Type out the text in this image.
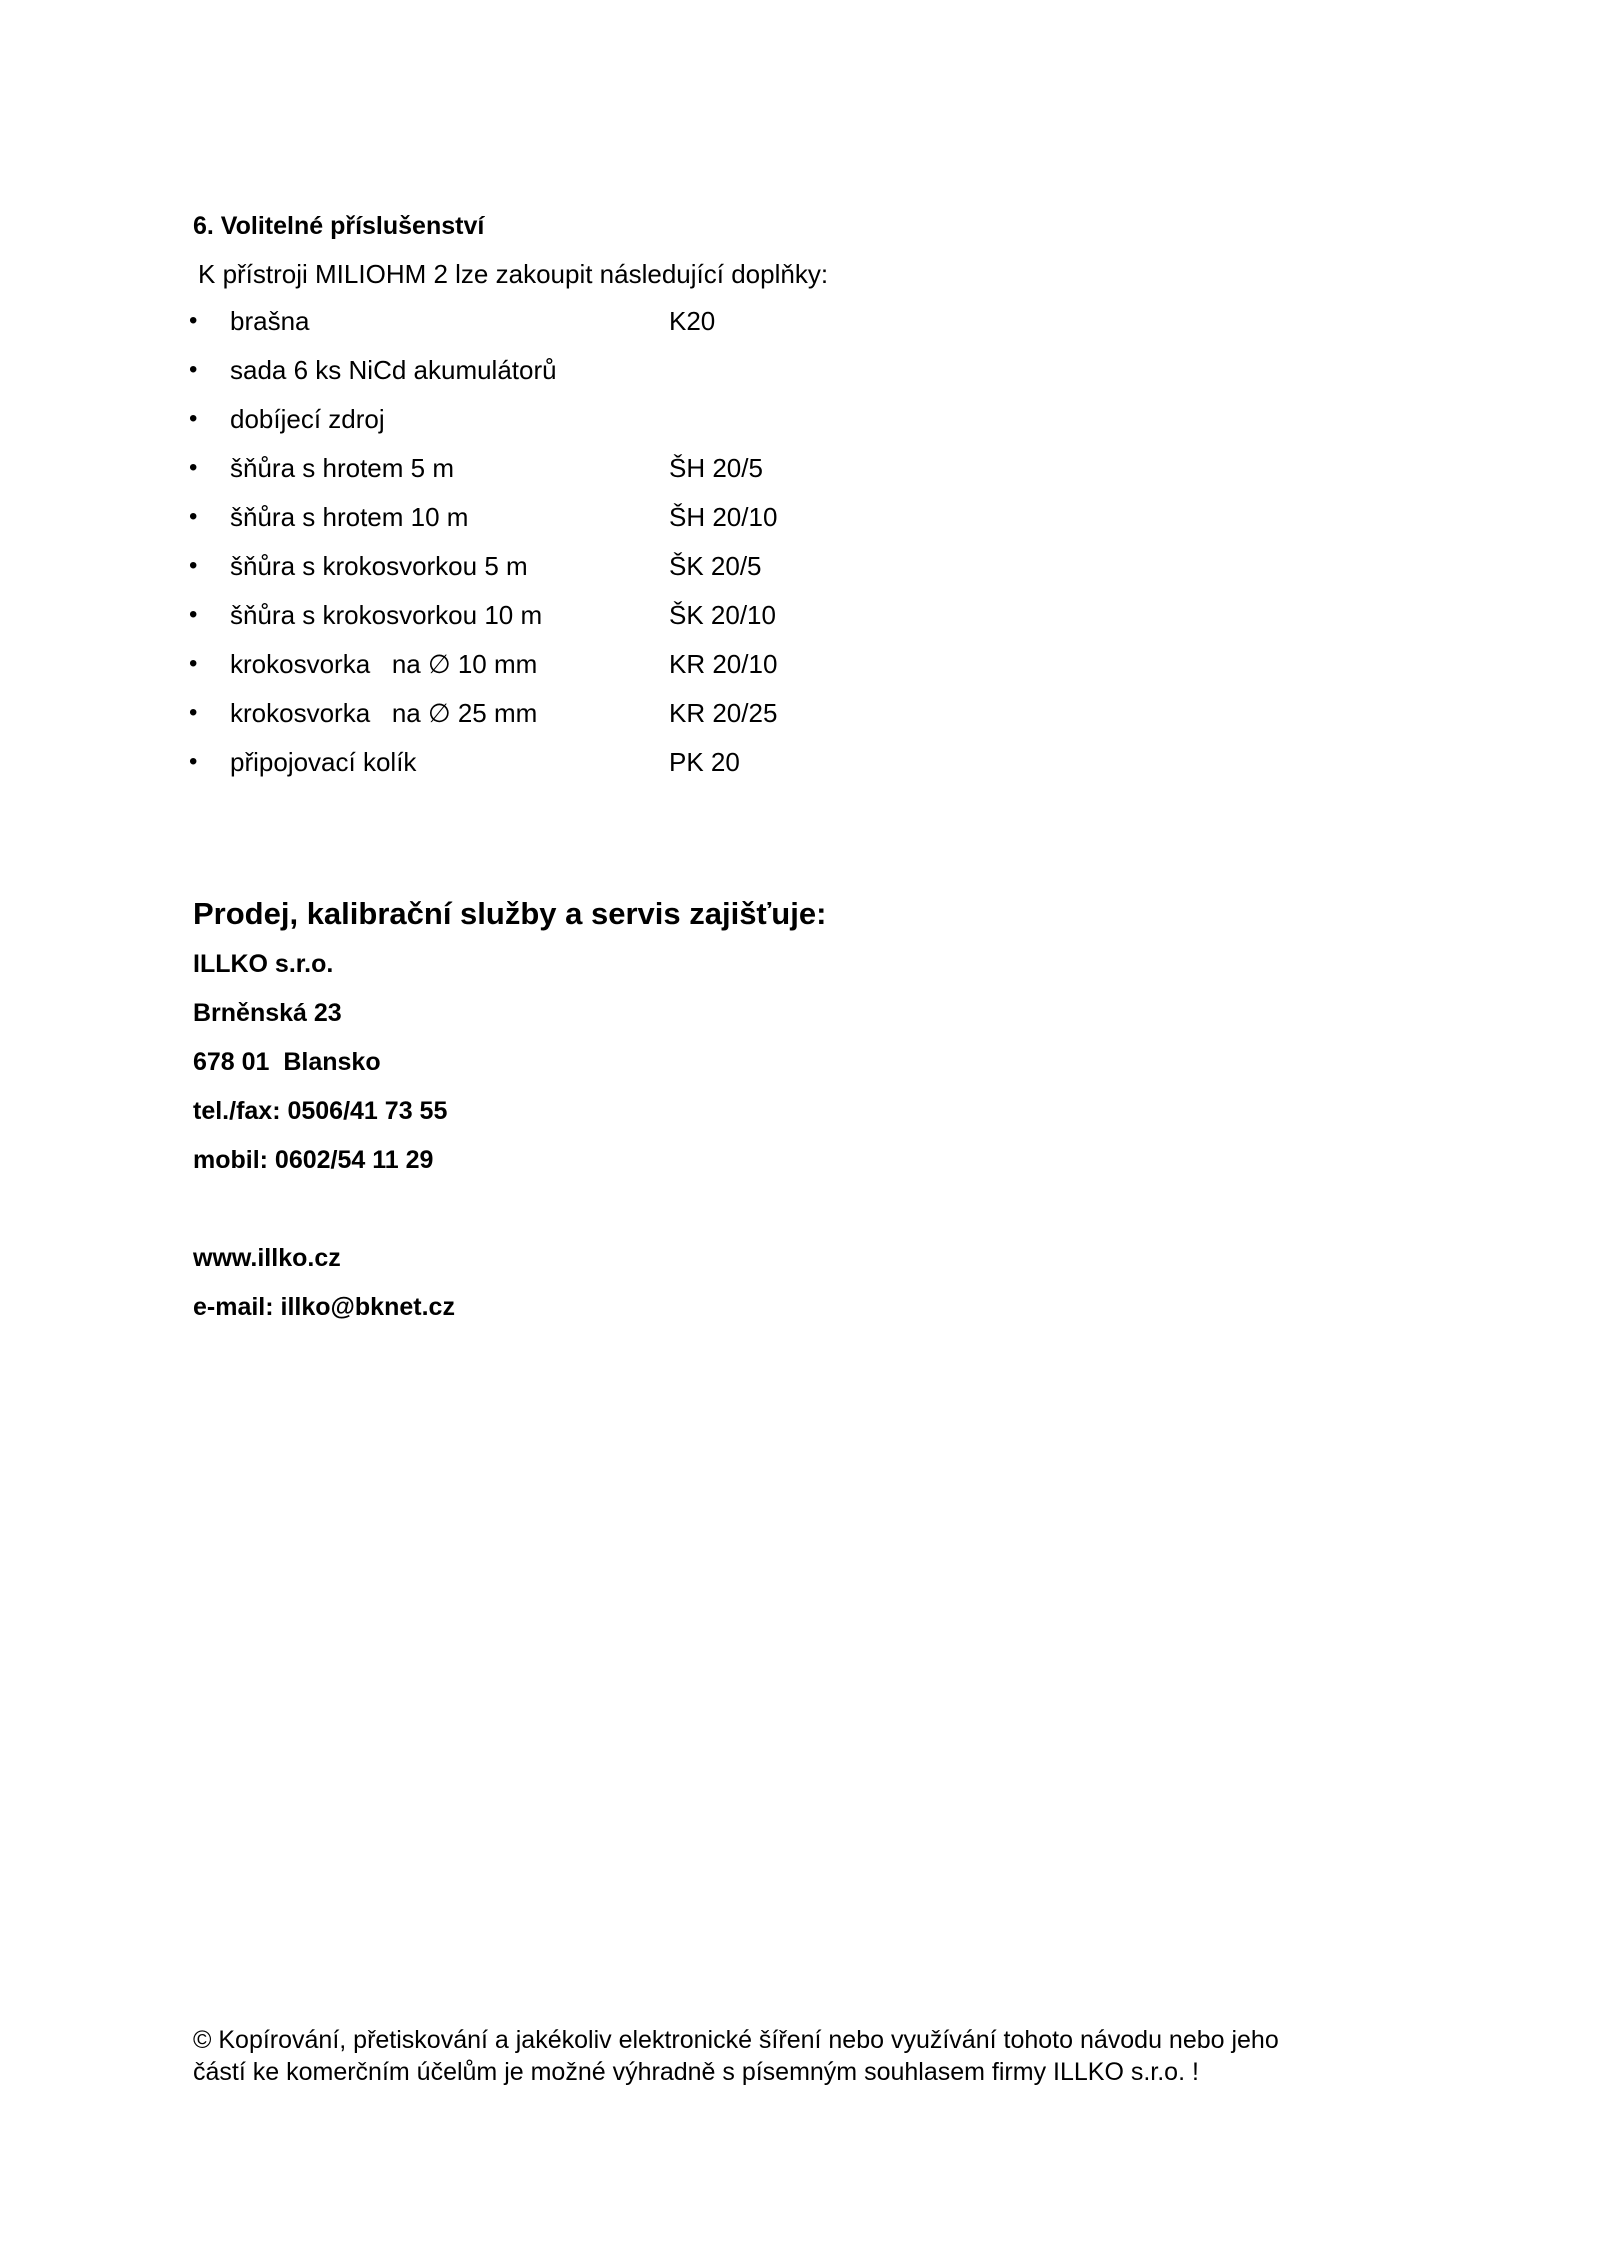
6. Volitelné příslušenství
K přístroji MILIOHM 2 lze zakoupit následující doplňky:
• brašna	K20
• sada 6 ks NiCd akumulátorů
• dobíjecí zdroj
• šňůra s hrotem 5 m	ŠH 20/5
• šňůra s hrotem 10 m	ŠH 20/10
• šňůra s krokosvorkou 5 m	ŠK 20/5
• šňůra s krokosvorkou 10 m	ŠK 20/10
• krokosvorka   na ∅ 10 mm	KR 20/10
• krokosvorka   na ∅ 25 mm	KR 20/25
• připojovací kolík	PK 20
Prodej, kalibrační služby a servis zajišťuje:
ILLKO s.r.o.
Brněnská 23
678 01  Blansko
tel./fax: 0506/41 73 55
mobil: 0602/54 11 29
www.illko.cz
e-mail: illko@bknet.cz
© Kopírování, přetiskování a jakékoliv elektronické šíření nebo využívání tohoto návodu nebo jeho
částí ke komerčním účelům je možné výhradně s písemným souhlasem firmy ILLKO s.r.o. !
